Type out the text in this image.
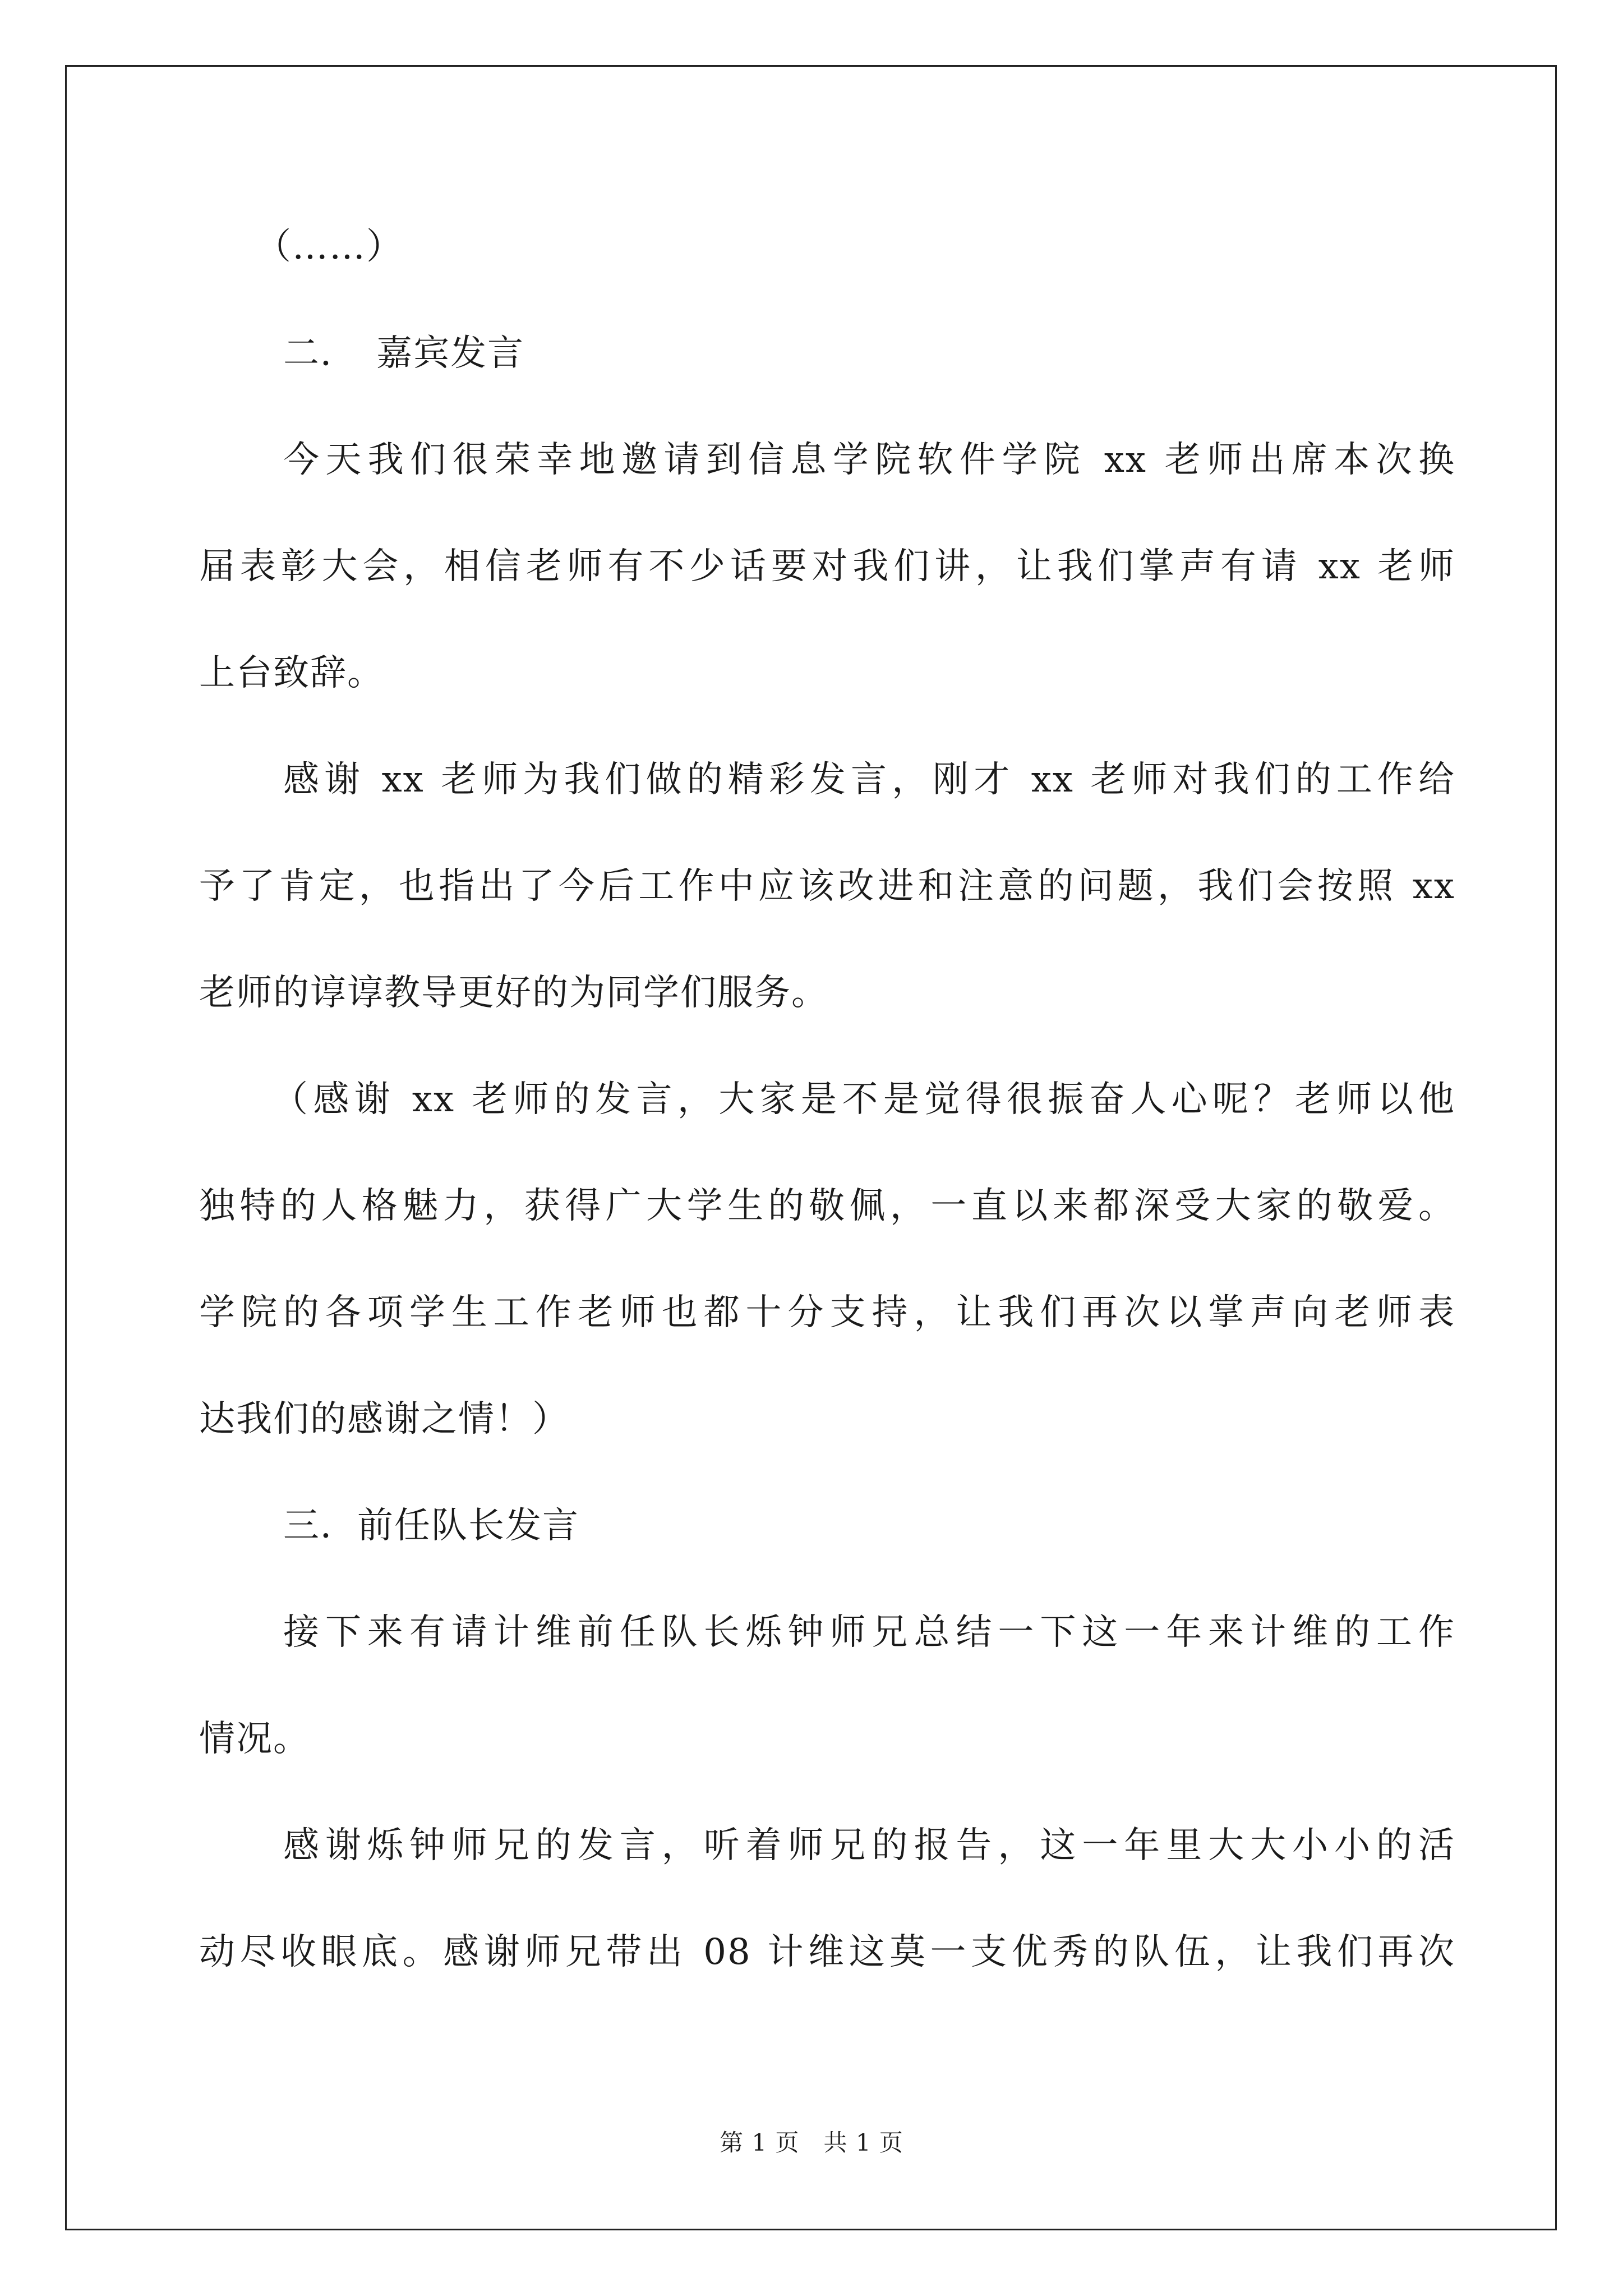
（……）
二．　嘉宾发言
今天我们很荣幸地邀请到信息学院软件学院 xx 老师出席本次换
届表彰大会，相信老师有不少话要对我们讲，让我们掌声有请 xx 老师
上台致辞。
感谢 xx 老师为我们做的精彩发言，刚才 xx 老师对我们的工作给
予了肯定，也指出了今后工作中应该改进和注意的问题，我们会按照 xx
老师的谆谆教导更好的为同学们服务。
（感谢 xx 老师的发言，大家是不是觉得很振奋人心呢？老师以他
独特的人格魅力，获得广大学生的敬佩，一直以来都深受大家的敬爱。
学院的各项学生工作老师也都十分支持，让我们再次以掌声向老师表
达我们的感谢之情！）
三．前任队长发言
接下来有请计维前任队长烁钟师兄总结一下这一年来计维的工作
情况。
感谢烁钟师兄的发言，听着师兄的报告，这一年里大大小小的活
动尽收眼底。感谢师兄带出 08 计维这莫一支优秀的队伍，让我们再次
第 1 页　共 1 页
